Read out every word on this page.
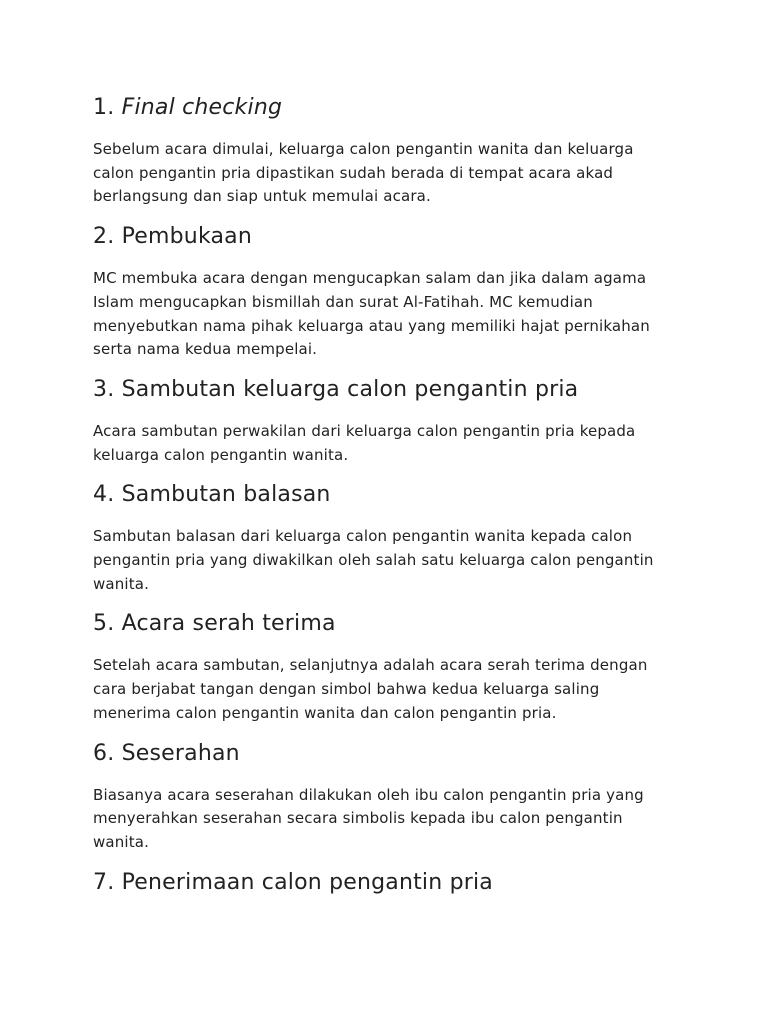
1. Final checking

Sebelum acara dimulai, keluarga calon pengantin wanita dan keluarga calon pengantin pria dipastikan sudah berada di tempat acara akad berlangsung dan siap untuk memulai acara.

2. Pembukaan

MC membuka acara dengan mengucapkan salam dan jika dalam agama Islam mengucapkan bismillah dan surat Al-Fatihah. MC kemudian menyebutkan nama pihak keluarga atau yang memiliki hajat pernikahan serta nama kedua mempelai.

3. Sambutan keluarga calon pengantin pria

Acara sambutan perwakilan dari keluarga calon pengantin pria kepada keluarga calon pengantin wanita.

4. Sambutan balasan

Sambutan balasan dari keluarga calon pengantin wanita kepada calon pengantin pria yang diwakilkan oleh salah satu keluarga calon pengantin wanita.

5. Acara serah terima

Setelah acara sambutan, selanjutnya adalah acara serah terima dengan cara berjabat tangan dengan simbol bahwa kedua keluarga saling menerima calon pengantin wanita dan calon pengantin pria.

6. Seserahan

Biasanya acara seserahan dilakukan oleh ibu calon pengantin pria yang menyerahkan seserahan secara simbolis kepada ibu calon pengantin wanita.

7. Penerimaan calon pengantin pria
